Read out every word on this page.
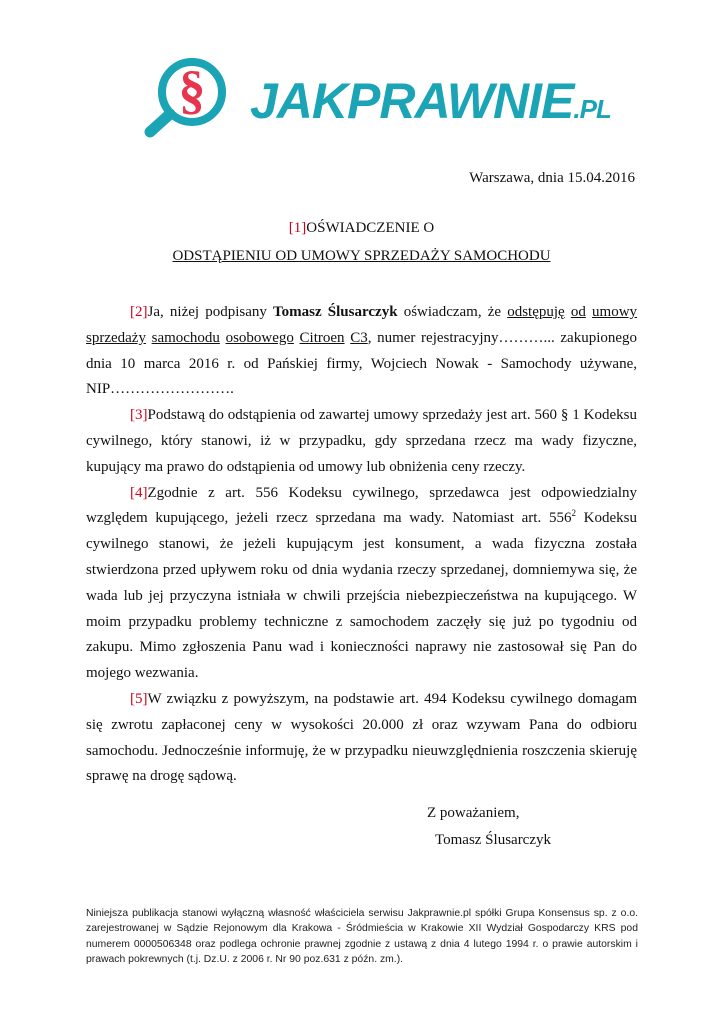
§ JAKPRAWNIE.PL
Warszawa, dnia 15.04.2016
[1]OŚWIADCZENIE O
ODSTĄPIENIU OD UMOWY SPRZEDAŻY SAMOCHODU

[2]Ja, niżej podpisany Tomasz Ślusarczyk oświadczam, że odstępuję od umowy sprzedaży samochodu osobowego Citroen C3, numer rejestracyjny………... zakupionego dnia 10 marca 2016 r. od Pańskiej firmy, Wojciech Nowak - Samochody używane, NIP…………………….

[3]Podstawą do odstąpienia od zawartej umowy sprzedaży jest art. 560 § 1 Kodeksu cywilnego, który stanowi, iż w przypadku, gdy sprzedana rzecz ma wady fizyczne, kupujący ma prawo do odstąpienia od umowy lub obniżenia ceny rzeczy.

[4]Zgodnie z art. 556 Kodeksu cywilnego, sprzedawca jest odpowiedzialny względem kupującego, jeżeli rzecz sprzedana ma wady. Natomiast art. $556^2$ Kodeksu cywilnego stanowi, że jeżeli kupującym jest konsument, a wada fizyczna została stwierdzona przed upływem roku od dnia wydania rzeczy sprzedanej, domniemywa się, że wada lub jej przyczyna istniała w chwili przejścia niebezpieczeństwa na kupującego. W moim przypadku problemy techniczne z samochodem zaczęły się już po tygodniu od zakupu. Mimo zgłoszenia Panu wad i konieczności naprawy nie zastosował się Pan do mojego wezwania.

[5]W związku z powyższym, na podstawie art. 494 Kodeksu cywilnego domagam się zwrotu zapłaconej ceny w wysokości 20.000 zł oraz wzywam Pana do odbioru samochodu. Jednocześnie informuję, że w przypadku nieuwzględnienia roszczenia skieruję sprawę na drogę sądową.

Z poważaniem,
Tomasz Ślusarczyk
Niniejsza publikacja stanowi wyłączną własność właściciela serwisu Jakprawnie.pl spółki Grupa Konsensus sp. z o.o. zarejestrowanej w Sądzie Rejonowym dla Krakowa - Śródmieścia w Krakowie XII Wydział Gospodarczy KRS pod numerem 0000506348 oraz podlega ochronie prawnej zgodnie z ustawą z dnia 4 lutego 1994 r. o prawie autorskim i prawach pokrewnych (t.j. Dz.U. z 2006 r. Nr 90 poz.631 z późn. zm.).
